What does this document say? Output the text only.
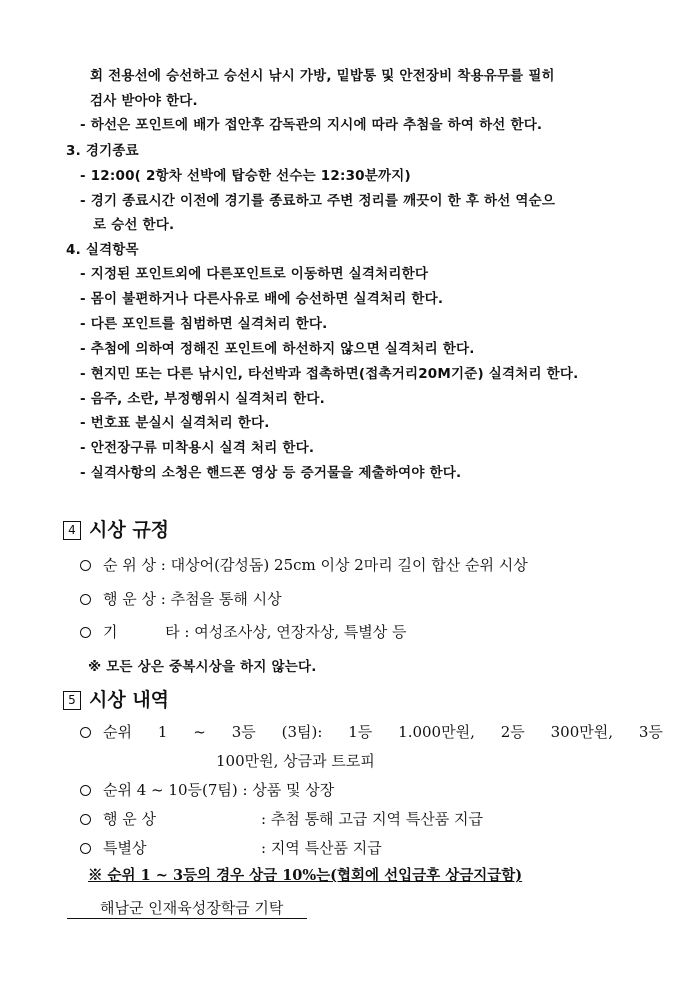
회 전용선에 승선하고 승선시 낚시 가방, 밑밥통 및 안전장비 착용유무를 필히
검사 받아야 한다.
- 하선은 포인트에 배가 접안후 감독관의 지시에 따라 추첨을 하여 하선 한다.
3. 경기종료
- 12:00( 2항차 선박에 탑승한 선수는 12:30분까지)
- 경기 종료시간 이전에 경기를 종료하고 주변 정리를 깨끗이 한 후 하선 역순으
로 승선 한다.
4. 실격항목
- 지정된 포인트외에 다른포인트로 이동하면 실격처리한다
- 몸이 불편하거나 다른사유로 배에 승선하면 실격처리 한다.
- 다른 포인트를 침범하면 실격처리 한다.
- 추첨에 의하여 정해진 포인트에 하선하지 않으면 실격처리 한다.
- 현지민 또는 다른 낚시인, 타선박과 접촉하면(접촉거리20M기준) 실격처리 한다.
- 음주, 소란, 부정행위시 실격처리 한다.
- 번호표 분실시 실격처리 한다.
- 안전장구류 미착용시 실격 처리 한다.
- 실격사항의 소청은 핸드폰 영상 등 증거물을 제출하여야 한다.
4 시상 규정
순 위 상 :
대상어(감성돔) 25cm 이상 2마리 길이 합산 순위 시상
행 운 상 :
추첨을 통해 시상
기          타 :
여성조사상, 연장자상, 특별상 등
※ 모든 상은 중복시상을 하지 않는다.
5 시상 내역
순위 1 ~ 3등 (3팀): 1등 1.000만원, 2등 300만원, 3등
100만원, 상금과 트로피
순위 4 ~ 10등(7팀) : 상품 및 상장
행 운 상	: 추첨 통해 고급 지역 특산품 지급
특별상	: 지역 특산품 지급
※ 순위 1 ~ 3등의 경우 상금 10%는(협회에 선입금후 상금지급함)
해남군 인재육성장학금 기탁
